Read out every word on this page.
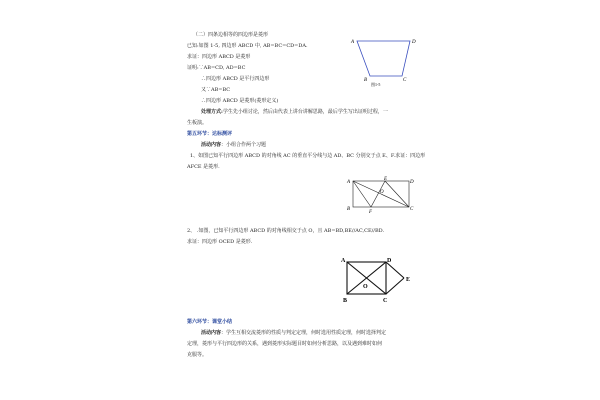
（二）四条边相等的四边形是菱形
已知:如图 1-5, 四边形 ABCD 中, AB=BC=CD=DA.
求证：四边形 ABCD 是菱形
证明:∵AB=CD, AD=BC
∴四边形 ABCD 是平行四边形
又∵AB=BC
∴四边形 ABCD 是菱形(菱形定义)
处理方式:学生先小组讨论，然后由代表上讲台讲解思路，最后学生写出证明过程，一
生板演。
A	D
B	C
图1-5
第五环节：达标测评
活动内容：小组合作两个习题
1、如图已知平行四边形 ABCD 的对角线 AC 的垂直平分线与边 AD、BC 分别交于点 E、F.求证：四边形
AFCE 是菱形.
A
E
D
O
B
F
C
2、 .如图，已知平行四边形 ABCD 的对角线相交于点 O，且 AB=BD,BE//AC,CE//BD.
求证：四边形 OCED 是菱形.
A	D
O
E
B	C
第六环节：课堂小结
活动内容：学生互相交流菱形的性质与判定定理，何时选用性质定理，何时选择判定
定理，菱形与平行四边形的关系，遇到菱形实际题目时如何分析思路，以及遇到难时如何
克服等。
